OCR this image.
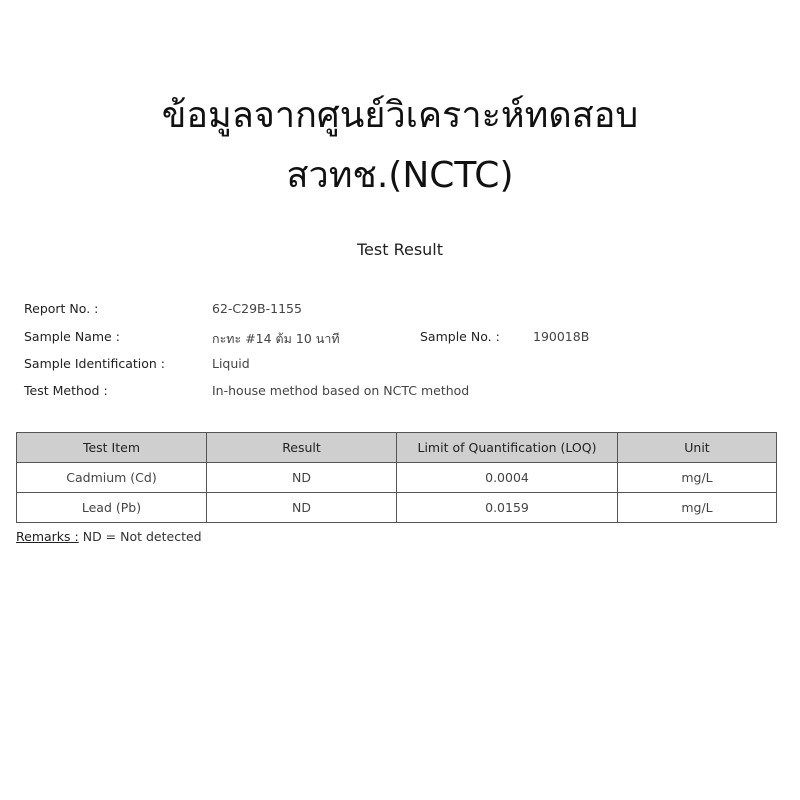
ข้อมูลจากศูนย์วิเคราะห์ทดสอบ
สวทช.(NCTC)
Test Result
Report No. :	62-C29B-1155
Sample Name :	กะทะ #14 ต้ม 10 นาที	Sample No. :	190018B
Sample Identification :	Liquid
Test Method :	In-house method based on NCTC method
Test Item	Result	Limit of Quantification (LOQ)	Unit
Cadmium (Cd)	ND	0.0004	mg/L
Lead (Pb)	ND	0.0159	mg/L
Remarks : ND = Not detected
